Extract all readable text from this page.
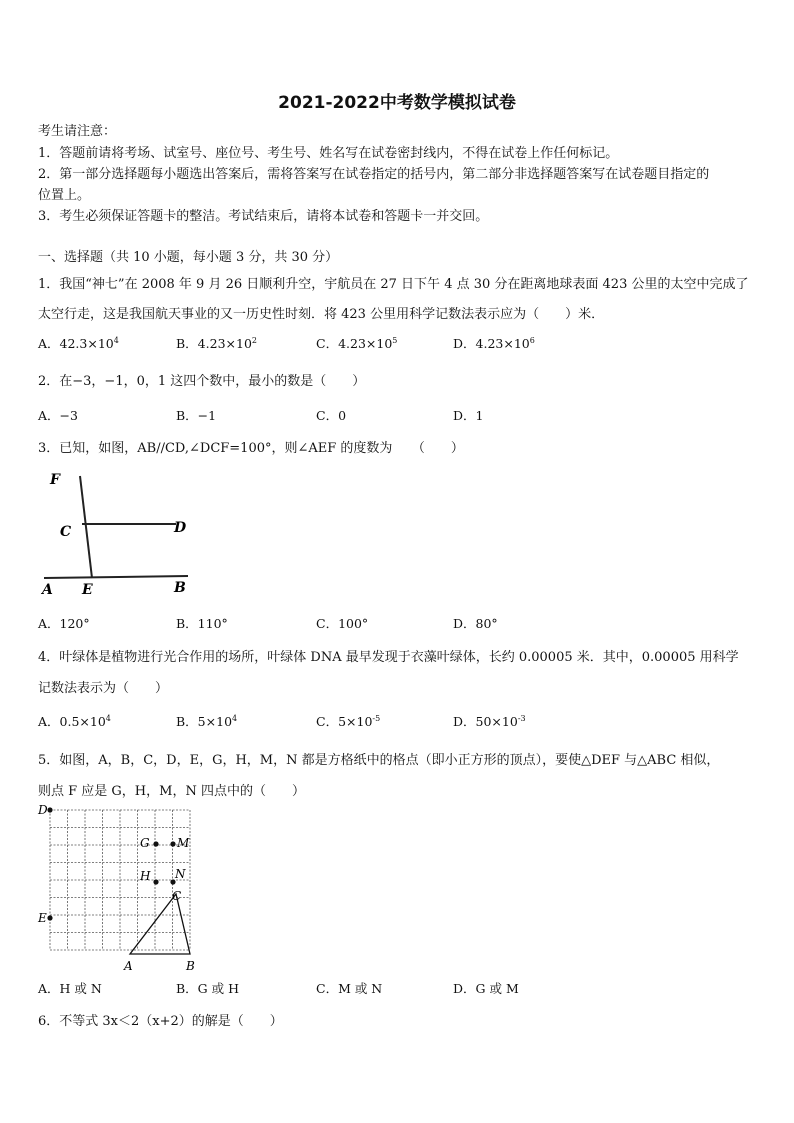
2021-2022中考数学模拟试卷
考生请注意：
1．答题前请将考场、试室号、座位号、考生号、姓名写在试卷密封线内，不得在试卷上作任何标记。
2．第一部分选择题每小题选出答案后，需将答案写在试卷指定的括号内，第二部分非选择题答案写在试卷题目指定的
位置上。
3．考生必须保证答题卡的整洁。考试结束后，请将本试卷和答题卡一并交回。
一、选择题（共 10 小题，每小题 3 分，共 30 分）
1．我国“神七”在 2008 年 9 月 26 日顺利升空，宇航员在 27 日下午 4 点 30 分在距离地球表面 423 公里的太空中完成了
太空行走，这是我国航天事业的又一历史性时刻．将 423 公里用科学记数法表示应为（　　）米．
A．$42.3\times 10^4$	B．$4.23\times 10^2$	C．$4.23\times 10^5$	D．$4.23\times 10^6$
2．在−3，−1，0，1 这四个数中，最小的数是（　　）
A．−3	B．−1	C．0	D．1
3．已知，如图，AB//CD,∠DCF=100°，则∠AEF 的度数为　　（　　）
F
C	D
A E	B
A．120°	B．110°	C．100°	D．80°
4．叶绿体是植物进行光合作用的场所，叶绿体 DNA 最早发现于衣藻叶绿体，长约 0.00005 米．其中，0.00005 用科学
记数法表示为（　　）
A．$0.5\times 10^4$	B．$5\times 10^4$	C．$5\times 10^{-5}$	D．$50\times 10^{-3}$
5．如图，A，B，C，D，E，G，H，M，N 都是方格纸中的格点（即小正方形的顶点），要使△DEF 与△ABC 相似，
则点 F 应是 G，H，M，N 四点中的（　　）
D
G M
H N
C
E
A	B
A．H 或 N	B．G 或 H	C．M 或 N	D．G 或 M
6．不等式 3x＜2（x+2）的解是（　　）
